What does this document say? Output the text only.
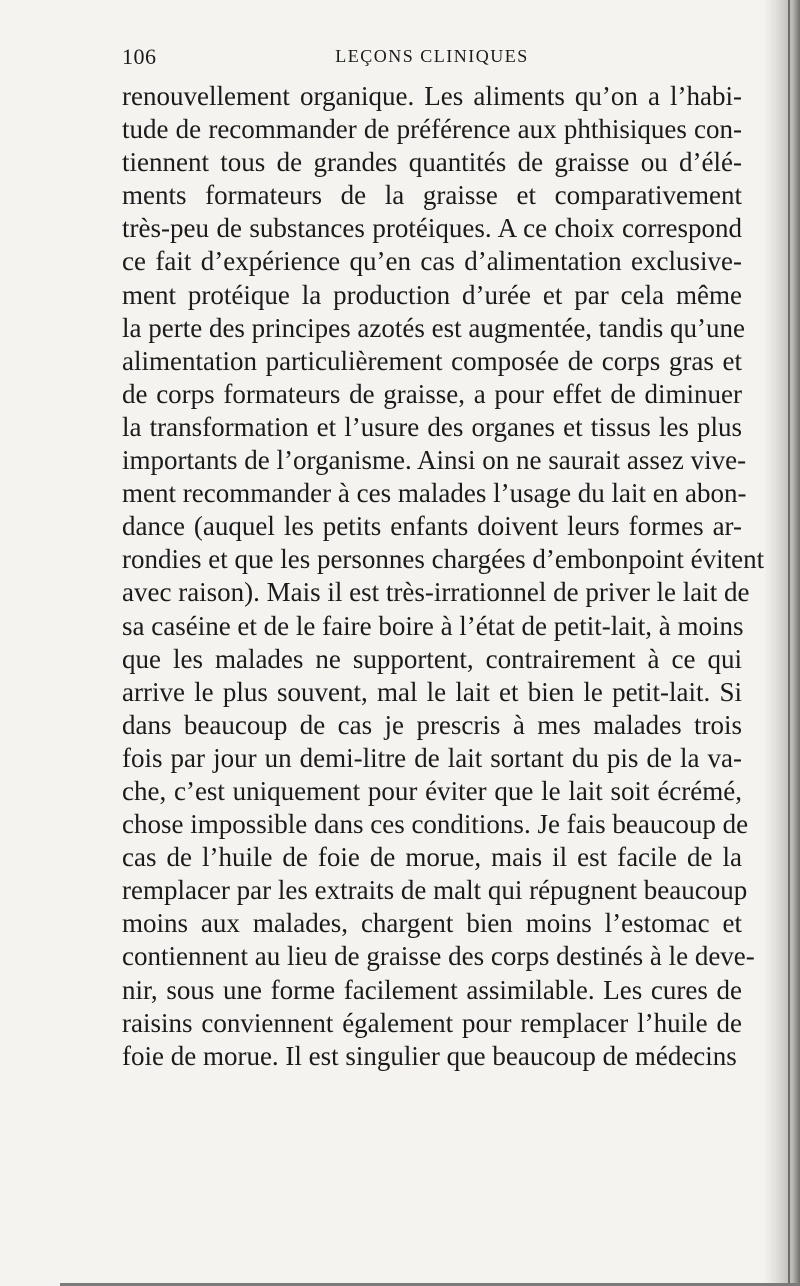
106	LEÇONS CLINIQUES
renouvellement organique. Les aliments qu’on a l’habi-
tude de recommander de préférence aux phthisiques con-
tiennent tous de grandes quantités de graisse ou d’élé-
ments formateurs de la graisse et comparativement
très-peu de substances protéiques. A ce choix correspond
ce fait d’expérience qu’en cas d’alimentation exclusive-
ment protéique la production d’urée et par cela même
la perte des principes azotés est augmentée, tandis qu’une
alimentation particulièrement composée de corps gras et
de corps formateurs de graisse, a pour effet de diminuer
la transformation et l’usure des organes et tissus les plus
importants de l’organisme. Ainsi on ne saurait assez vive-
ment recommander à ces malades l’usage du lait en abon-
dance (auquel les petits enfants doivent leurs formes ar-
rondies et que les personnes chargées d’embonpoint évitent
avec raison). Mais il est très-irrationnel de priver le lait de
sa caséine et de le faire boire à l’état de petit-lait, à moins
que les malades ne supportent, contrairement à ce qui
arrive le plus souvent, mal le lait et bien le petit-lait. Si
dans beaucoup de cas je prescris à mes malades trois
fois par jour un demi-litre de lait sortant du pis de la va-
che, c’est uniquement pour éviter que le lait soit écrémé,
chose impossible dans ces conditions. Je fais beaucoup de
cas de l’huile de foie de morue, mais il est facile de la
remplacer par les extraits de malt qui répugnent beaucoup
moins aux malades, chargent bien moins l’estomac et
contiennent au lieu de graisse des corps destinés à le deve-
nir, sous une forme facilement assimilable. Les cures de
raisins conviennent également pour remplacer l’huile de
foie de morue. Il est singulier que beaucoup de médecins
